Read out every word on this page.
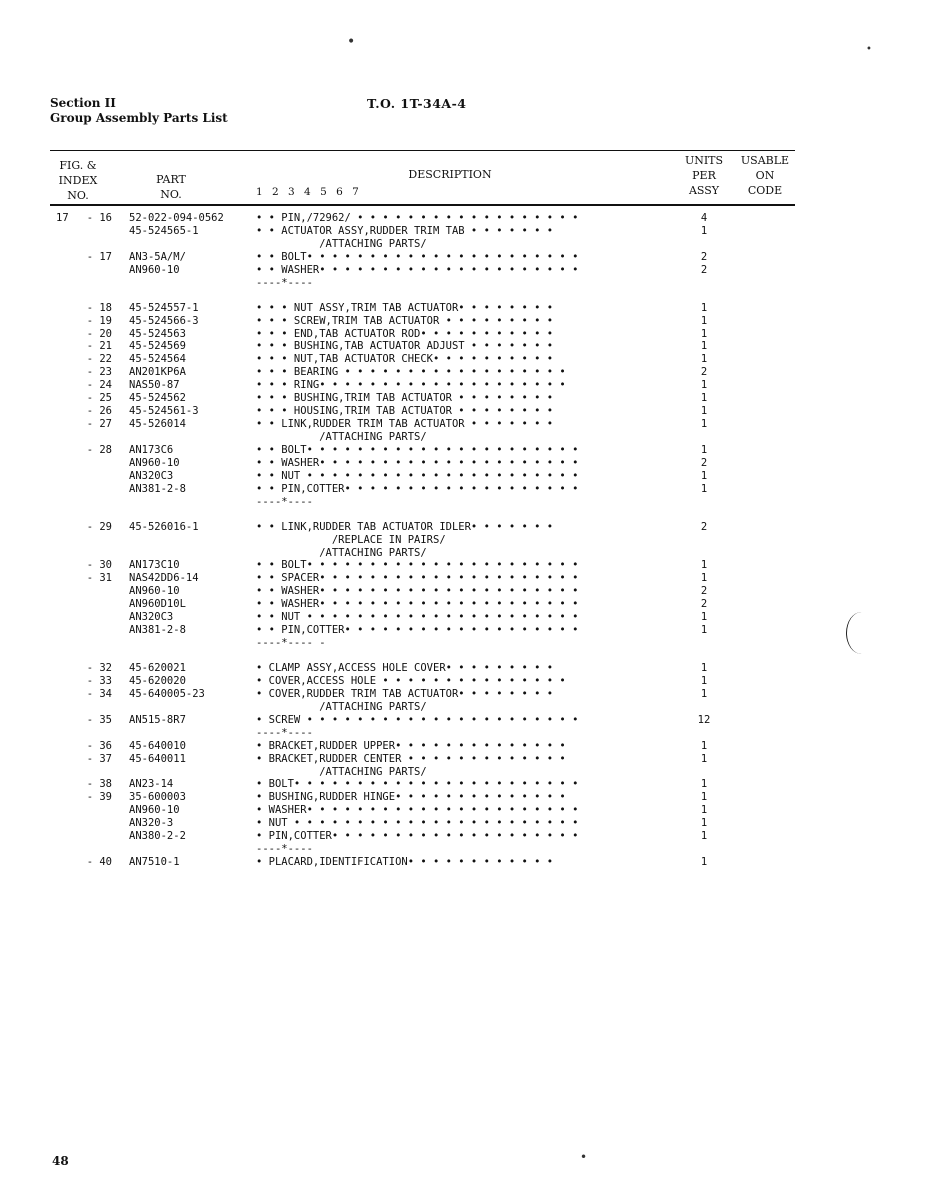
Section II
Group Assembly Parts List
T.O. 1T-34A-4
FIG. &
INDEX
NO.
PART
NO.	1 2 3 4 5 6 7
DESCRIPTION
UNITS
PER
ASSY
USABLE
ON
CODE
17 - 16 52-022-094-0562	• • PIN,/72962/ • • • • • • • • • • • • • • • • • •	4
45-524565-1	• • ACTUATOR ASSY,RUDDER TRIM TAB • • • • • • •	1
/ATTACHING PARTS/
- 17 AN3-5A/M/	• • BOLT• • • • • • • • • • • • • • • • • • • • • •	2
AN960-10	• • WASHER• • • • • • • • • • • • • • • • • • • • •	2
----*----
- 18 45-524557-1	• • • NUT ASSY,TRIM TAB ACTUATOR• • • • • • • •	1
- 19 45-524566-3	• • • SCREW,TRIM TAB ACTUATOR • • • • • • • • •	1
- 20 45-524563	• • • END,TAB ACTUATOR ROD• • • • • • • • • • •	1
- 21 45-524569	• • • BUSHING,TAB ACTUATOR ADJUST • • • • • • •	1
- 22 45-524564	• • • NUT,TAB ACTUATOR CHECK• • • • • • • • • •	1
- 23 AN201KP6A	• • • BEARING • • • • • • • • • • • • • • • • • •	2
- 24 NAS50-87	• • • RING• • • • • • • • • • • • • • • • • • • •	1
- 25 45-524562	• • • BUSHING,TRIM TAB ACTUATOR • • • • • • • •	1
- 26 45-524561-3	• • • HOUSING,TRIM TAB ACTUATOR • • • • • • • •	1
- 27 45-526014	• • LINK,RUDDER TRIM TAB ACTUATOR • • • • • • •	1
/ATTACHING PARTS/
- 28 AN173C6	• • BOLT• • • • • • • • • • • • • • • • • • • • • •	1
AN960-10	• • WASHER• • • • • • • • • • • • • • • • • • • • •	2
AN320C3	• • NUT • • • • • • • • • • • • • • • • • • • • • •	1
AN381-2-8	• • PIN,COTTER• • • • • • • • • • • • • • • • • • •	1
----*----
- 29 45-526016-1	• • LINK,RUDDER TAB ACTUATOR IDLER• • • • • • •	2
/REPLACE IN PAIRS/
/ATTACHING PARTS/
- 30 AN173C10	• • BOLT• • • • • • • • • • • • • • • • • • • • • •	1
- 31 NAS42DD6-14	• • SPACER• • • • • • • • • • • • • • • • • • • • •	1
AN960-10	• • WASHER• • • • • • • • • • • • • • • • • • • • •	2
AN960D10L	• • WASHER• • • • • • • • • • • • • • • • • • • • •	2
AN320C3	• • NUT • • • • • • • • • • • • • • • • • • • • • •	1
AN381-2-8	• • PIN,COTTER• • • • • • • • • • • • • • • • • • •	1
----*---- -
- 32 45-620021	• CLAMP ASSY,ACCESS HOLE COVER• • • • • • • • •	1
- 33 45-620020	• COVER,ACCESS HOLE • • • • • • • • • • • • • • •	1
- 34 45-640005-23	• COVER,RUDDER TRIM TAB ACTUATOR• • • • • • • •	1
/ATTACHING PARTS/
- 35 AN515-8R7	• SCREW • • • • • • • • • • • • • • • • • • • • • •	12
----*----
- 36 45-640010	• BRACKET,RUDDER UPPER• • • • • • • • • • • • • •	1
- 37 45-640011	• BRACKET,RUDDER CENTER • • • • • • • • • • • • •	1
/ATTACHING PARTS/
- 38 AN23-14	• BOLT• • • • • • • • • • • • • • • • • • • • • • •	1
- 39 35-600003	• BUSHING,RUDDER HINGE• • • • • • • • • • • • • •	1
AN960-10	• WASHER• • • • • • • • • • • • • • • • • • • • • •	1
AN320-3	• NUT • • • • • • • • • • • • • • • • • • • • • • •	1
AN380-2-2	• PIN,COTTER• • • • • • • • • • • • • • • • • • • •	1
----*----
- 40 AN7510-1	• PLACARD,IDENTIFICATION• • • • • • • • • • • •	1
48
•	•
•
